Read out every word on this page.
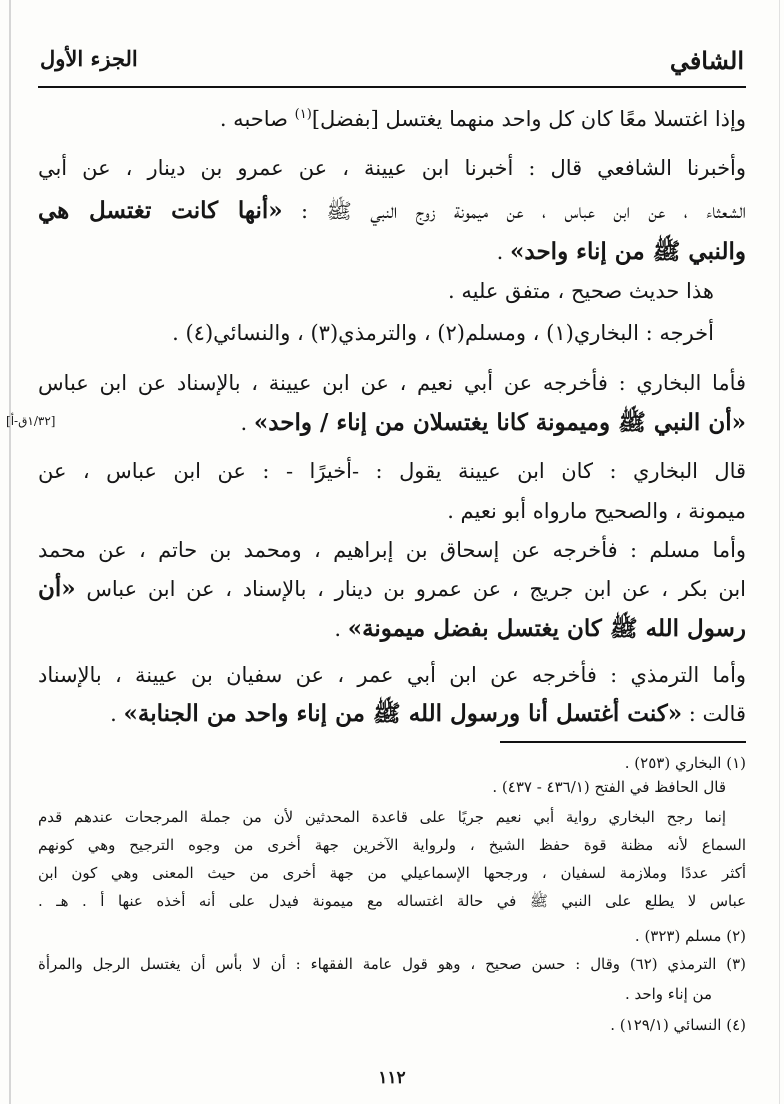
الشافي
الجزء الأول
وإذا اغتسلا معًا كان كل واحد منهما يغتسل [بفضل]$^{(١)}$ صاحبه .
وأخبرنا الشافعي قال : أخبرنا ابن عيينة ، عن عمرو بن دينار ، عن أبي
الشعثاء ، عن ابن عباس ، عن ميمونة زوج النبي ﷺ : «أنها كانت تغتسل هي
والنبي ﷺ من إناء واحد» .
هذا حديث صحيح ، متفق عليه .
أخرجه : البخاري(١) ، ومسلم(٢) ، والترمذي(٣) ، والنسائي(٤) .
فأما البخاري : فأخرجه عن أبي نعيم ، عن ابن عيينة ، بالإسناد عن ابن عباس
«أن النبي ﷺ وميمونة كانا يغتسلان من إناء / واحد» .
[١/٣٢ق-أ]
قال البخاري : كان ابن عيينة يقول : -أخيرًا - : عن ابن عباس ، عن
ميمونة ، والصحيح مارواه أبو نعيم .
وأما مسلم : فأخرجه عن إسحاق بن إبراهيم ، ومحمد بن حاتم ، عن محمد
ابن بكر ، عن ابن جريج ، عن عمرو بن دينار ، بالإسناد ، عن ابن عباس «أن
رسول الله ﷺ كان يغتسل بفضل ميمونة» .
وأما الترمذي : فأخرجه عن ابن أبي عمر ، عن سفيان بن عيينة ، بالإسناد
قالت : «كنت أغتسل أنا ورسول الله ﷺ من إناء واحد من الجنابة» .
(١) البخاري (٢٥٣) .
قال الحافظ في الفتح (٤٣٦/١ - ٤٣٧) .
إنما رجح البخاري رواية أبي نعيم جريًا على قاعدة المحدثين لأن من جملة المرجحات عندهم قدم
السماع لأنه مظنة قوة حفظ الشيخ ، ولرواية الآخرين جهة أخرى من وجوه الترجيح وهي كونهم
أكثر عددًا وملازمة لسفيان ، ورجحها الإسماعيلي من جهة أخرى من حيث المعنى وهي كون ابن
عباس لا يطلع على النبي ﷺ في حالة اغتساله مع ميمونة فيدل على أنه أخذه عنها أ . هـ .
(٢) مسلم (٣٢٣) .
(٣) الترمذي (٦٢) وقال : حسن صحيح ، وهو قول عامة الفقهاء : أن لا بأس أن يغتسل الرجل والمرأة
من إناء واحد .
(٤) النسائي (١٢٩/١) .
١١٢
